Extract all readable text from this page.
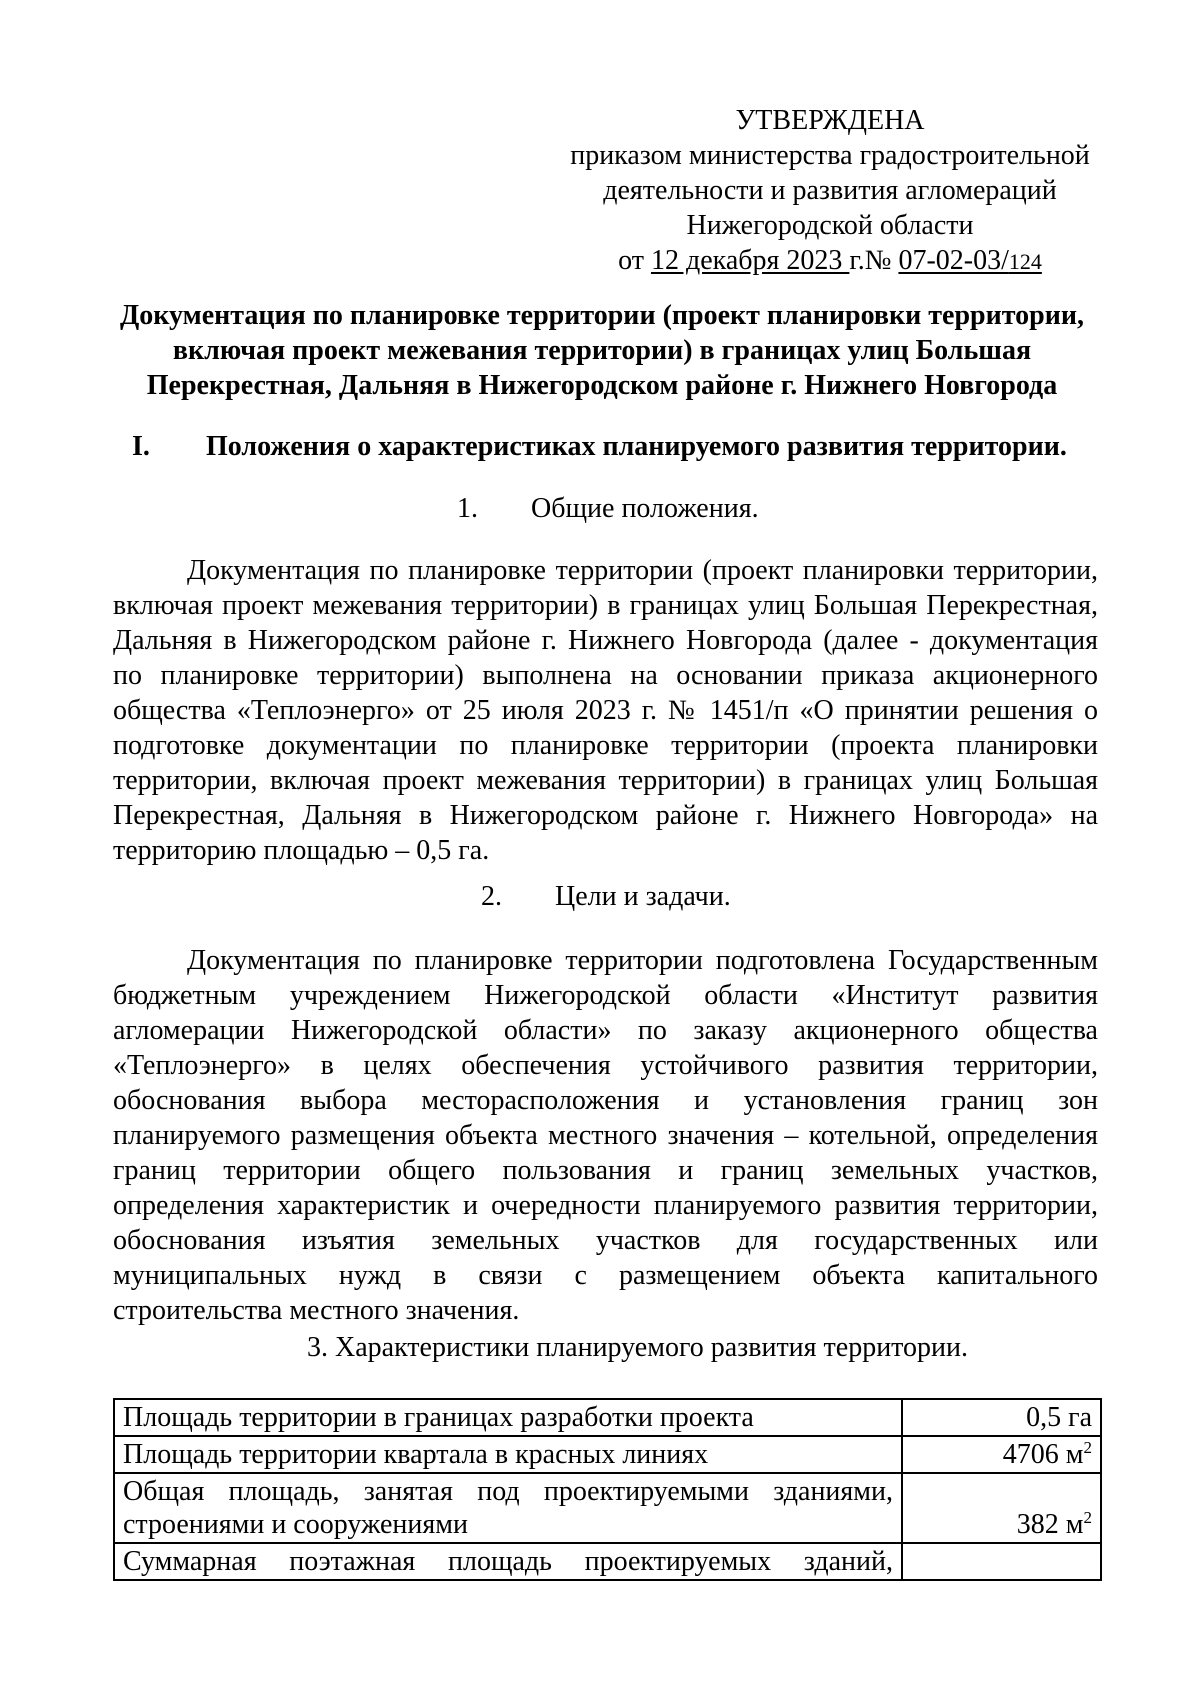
УТВЕРЖДЕНА
приказом министерства градостроительной
деятельности и развития агломераций
Нижегородской области
от 12 декабря 2023 г.№ 07-02-03/124
Документация по планировке территории (проект планировки территории,
включая проект межевания территории) в границах улиц Большая
Перекрестная, Дальняя в Нижегородском районе г. Нижнего Новгорода
I. Положения о характеристиках планируемого развития территории.
1. Общие положения.
Документация по планировке территории (проект планировки территории,
включая проект межевания территории) в границах улиц Большая Перекрестная,
Дальняя в Нижегородском районе г. Нижнего Новгорода (далее - документация
по планировке территории) выполнена на основании приказа акционерного
общества «Теплоэнерго» от 25 июля 2023 г. № 1451/п «О принятии решения о
подготовке документации по планировке территории (проекта планировки
территории, включая проект межевания территории) в границах улиц Большая
Перекрестная, Дальняя в Нижегородском районе г. Нижнего Новгорода» на
территорию площадью – 0,5 га.
2. Цели и задачи.
Документация по планировке территории подготовлена Государственным
бюджетным учреждением Нижегородской области «Институт развития
агломерации Нижегородской области» по заказу акционерного общества
«Теплоэнерго» в целях обеспечения устойчивого развития территории,
обоснования выбора месторасположения и установления границ зон
планируемого размещения объекта местного значения – котельной, определения
границ территории общего пользования и границ земельных участков,
определения характеристик и очередности планируемого развития территории,
обоснования изъятия земельных участков для государственных или
муниципальных нужд в связи с размещением объекта капитального
строительства местного значения.
3. Характеристики планируемого развития территории.
Площадь территории в границах разработки проекта	0,5 га
Площадь территории квартала в красных линиях	4706 $м^2$

Общая площадь, занятая под проектируемыми зданиями,
строениями и сооружениями	382 $м^2$
Суммарная поэтажная площадь проектируемых зданий,	
